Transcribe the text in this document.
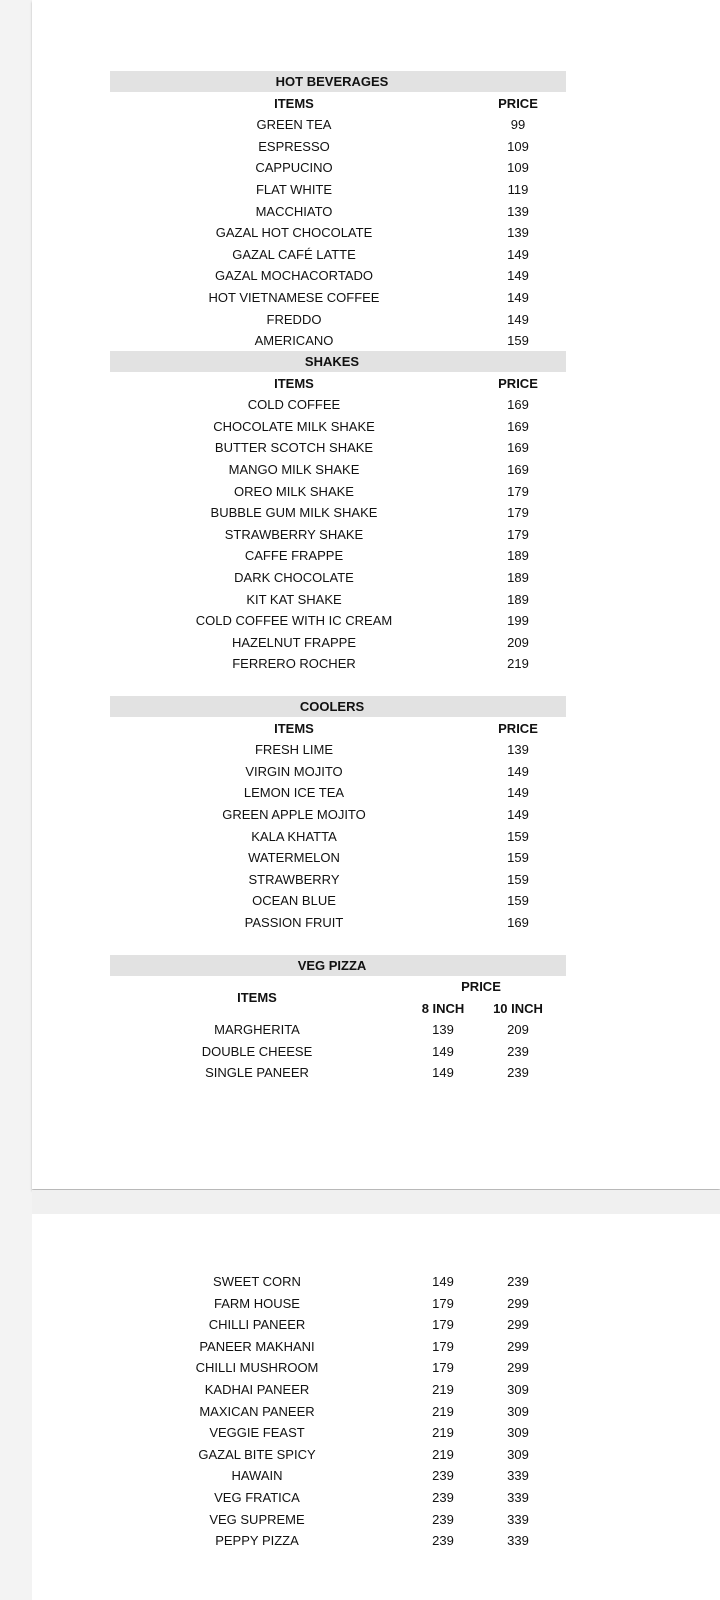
HOT BEVERAGES
ITEMS	PRICE
GREEN TEA	99
ESPRESSO	109
CAPPUCINO	109
FLAT WHITE	119
MACCHIATO	139
GAZAL HOT CHOCOLATE	139
GAZAL CAFÉ LATTE	149
GAZAL MOCHACORTADO	149
HOT VIETNAMESE COFFEE	149
FREDDO	149
AMERICANO	159
SHAKES
ITEMS	PRICE
COLD COFFEE	169
CHOCOLATE MILK SHAKE	169
BUTTER SCOTCH SHAKE	169
MANGO MILK SHAKE	169
OREO MILK SHAKE	179
BUBBLE GUM MILK SHAKE	179
STRAWBERRY SHAKE	179
CAFFE FRAPPE	189
DARK CHOCOLATE	189
KIT KAT SHAKE	189
COLD COFFEE WITH IC CREAM	199
HAZELNUT FRAPPE	209
FERRERO ROCHER	219
COOLERS
ITEMS	PRICE
FRESH LIME	139
VIRGIN MOJITO	149
LEMON ICE TEA	149
GREEN APPLE MOJITO	149
KALA KHATTA	159
WATERMELON	159
STRAWBERRY	159
OCEAN BLUE	159
PASSION FRUIT	169
VEG PIZZA
PRICE
ITEMS
8 INCH 10 INCH
MARGHERITA	139	209
DOUBLE CHEESE	149	239
SINGLE PANEER	149	239
SWEET CORN	149	239
FARM HOUSE	179	299
CHILLI PANEER	179	299
PANEER MAKHANI	179	299
CHILLI MUSHROOM	179	299
KADHAI PANEER	219	309
MAXICAN PANEER	219	309
VEGGIE FEAST	219	309
GAZAL BITE SPICY	219	309
HAWAIN	239	339
VEG FRATICA	239	339
VEG SUPREME	239	339
PEPPY PIZZA	239	339
